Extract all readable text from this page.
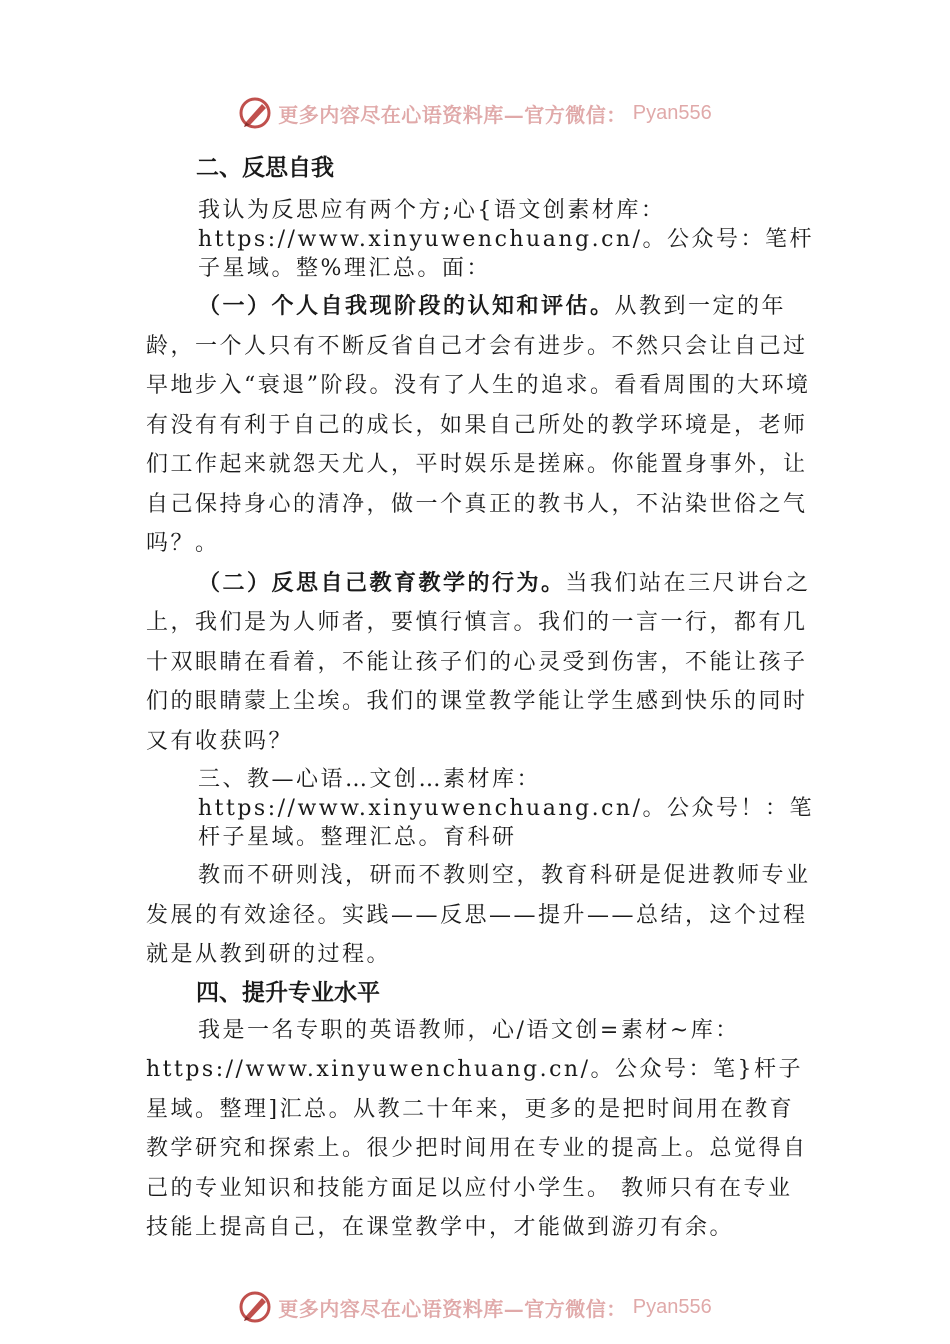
更多内容尽在心语资料库—官方微信： Pyan556
二、反思自我

我认为反思应有两个方;心{语文创素材库：https://www.xinyuwenchuang.cn/。公众号：笔杆子星域。整%理汇总。面：

（一）个人自我现阶段的认知和评估。从教到一定的年龄，一个人只有不断反省自己才会有进步。不然只会让自己过早地步入“衰退”阶段。没有了人生的追求。看看周围的大环境有没有有利于自己的成长，如果自己所处的教学环境是，老师们工作起来就怨天尤人，平时娱乐是搓麻。你能置身事外，让自己保持身心的清净，做一个真正的教书人，不沾染世俗之气吗？。

（二）反思自己教育教学的行为。当我们站在三尺讲台之上，我们是为人师者，要慎行慎言。我们的一言一行，都有几十双眼睛在看着，不能让孩子们的心灵受到伤害，不能让孩子们的眼睛蒙上尘埃。我们的课堂教学能让学生感到快乐的同时又有收获吗？

三、教—心语…文创…素材库：https://www.xinyuwenchuang.cn/。公众号！：笔杆子星域。整理汇总。育科研

教而不研则浅，研而不教则空，教育科研是促进教师专业发展的有效途径。实践——反思——提升——总结，这个过程就是从教到研的过程。

四、提升专业水平

我是一名专职的英语教师，心/语文创=素材~库：https://www.xinyuwenchuang.cn/。公众号：笔}杆子星域。整理]汇总。从教二十年来，更多的是把时间用在教育教学研究和探索上。很少把时间用在专业的提高上。总觉得自己的专业知识和技能方面足以应付小学生。 教师只有在专业技能上提高自己，在课堂教学中，才能做到游刃有余。

更多内容尽在心语资料库—官方微信： Pyan556
